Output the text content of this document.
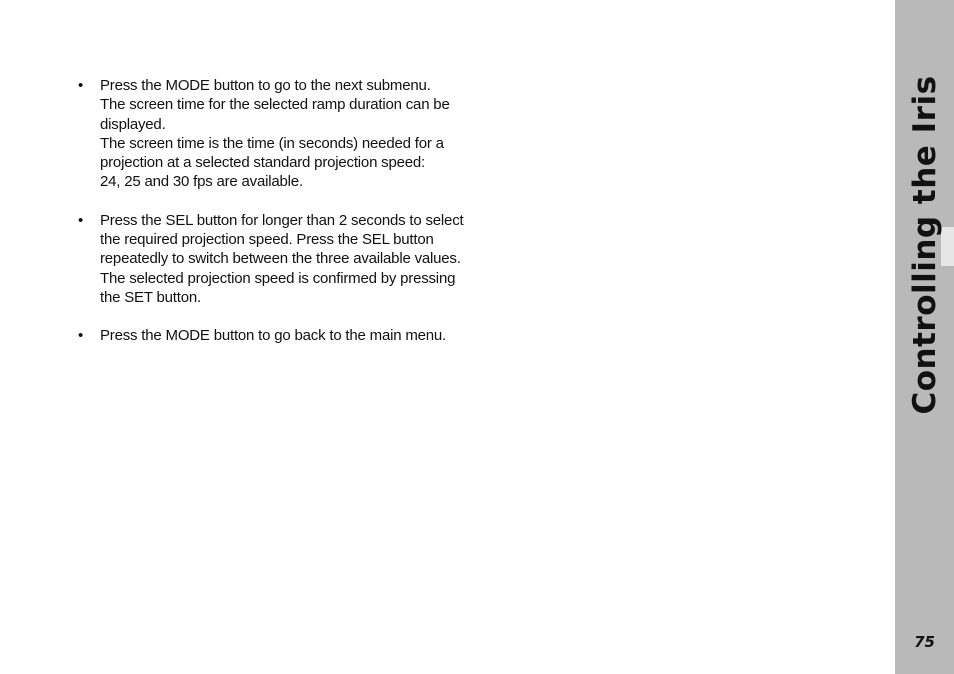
• Press the MODE button to go to the next submenu.
The screen time for the selected ramp duration can be
displayed.
The screen time is the time (in seconds) needed for a
projection at a selected standard projection speed:
24, 25 and 30 fps are available.
• Press the SEL button for longer than 2 seconds to select
the required projection speed. Press the SEL button
repeatedly to switch between the three available values.
The selected projection speed is confirmed by pressing
the SET button.
• Press the MODE button to go back to the main menu.	Controlling the Iris
75
